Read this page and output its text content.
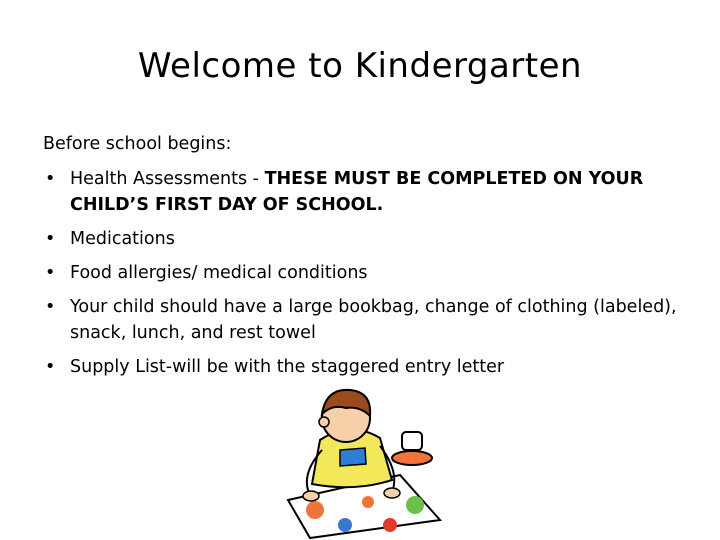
Welcome to Kindergarten
Before school begins:
• Health Assessments - THESE MUST BE COMPLETED ON YOUR CHILD’S FIRST DAY OF SCHOOL.
• Medications
• Food allergies/ medical conditions
• Your child should have a large bookbag, change of clothing (labeled), snack, lunch, and rest towel
• Supply List-will be with the staggered entry letter
